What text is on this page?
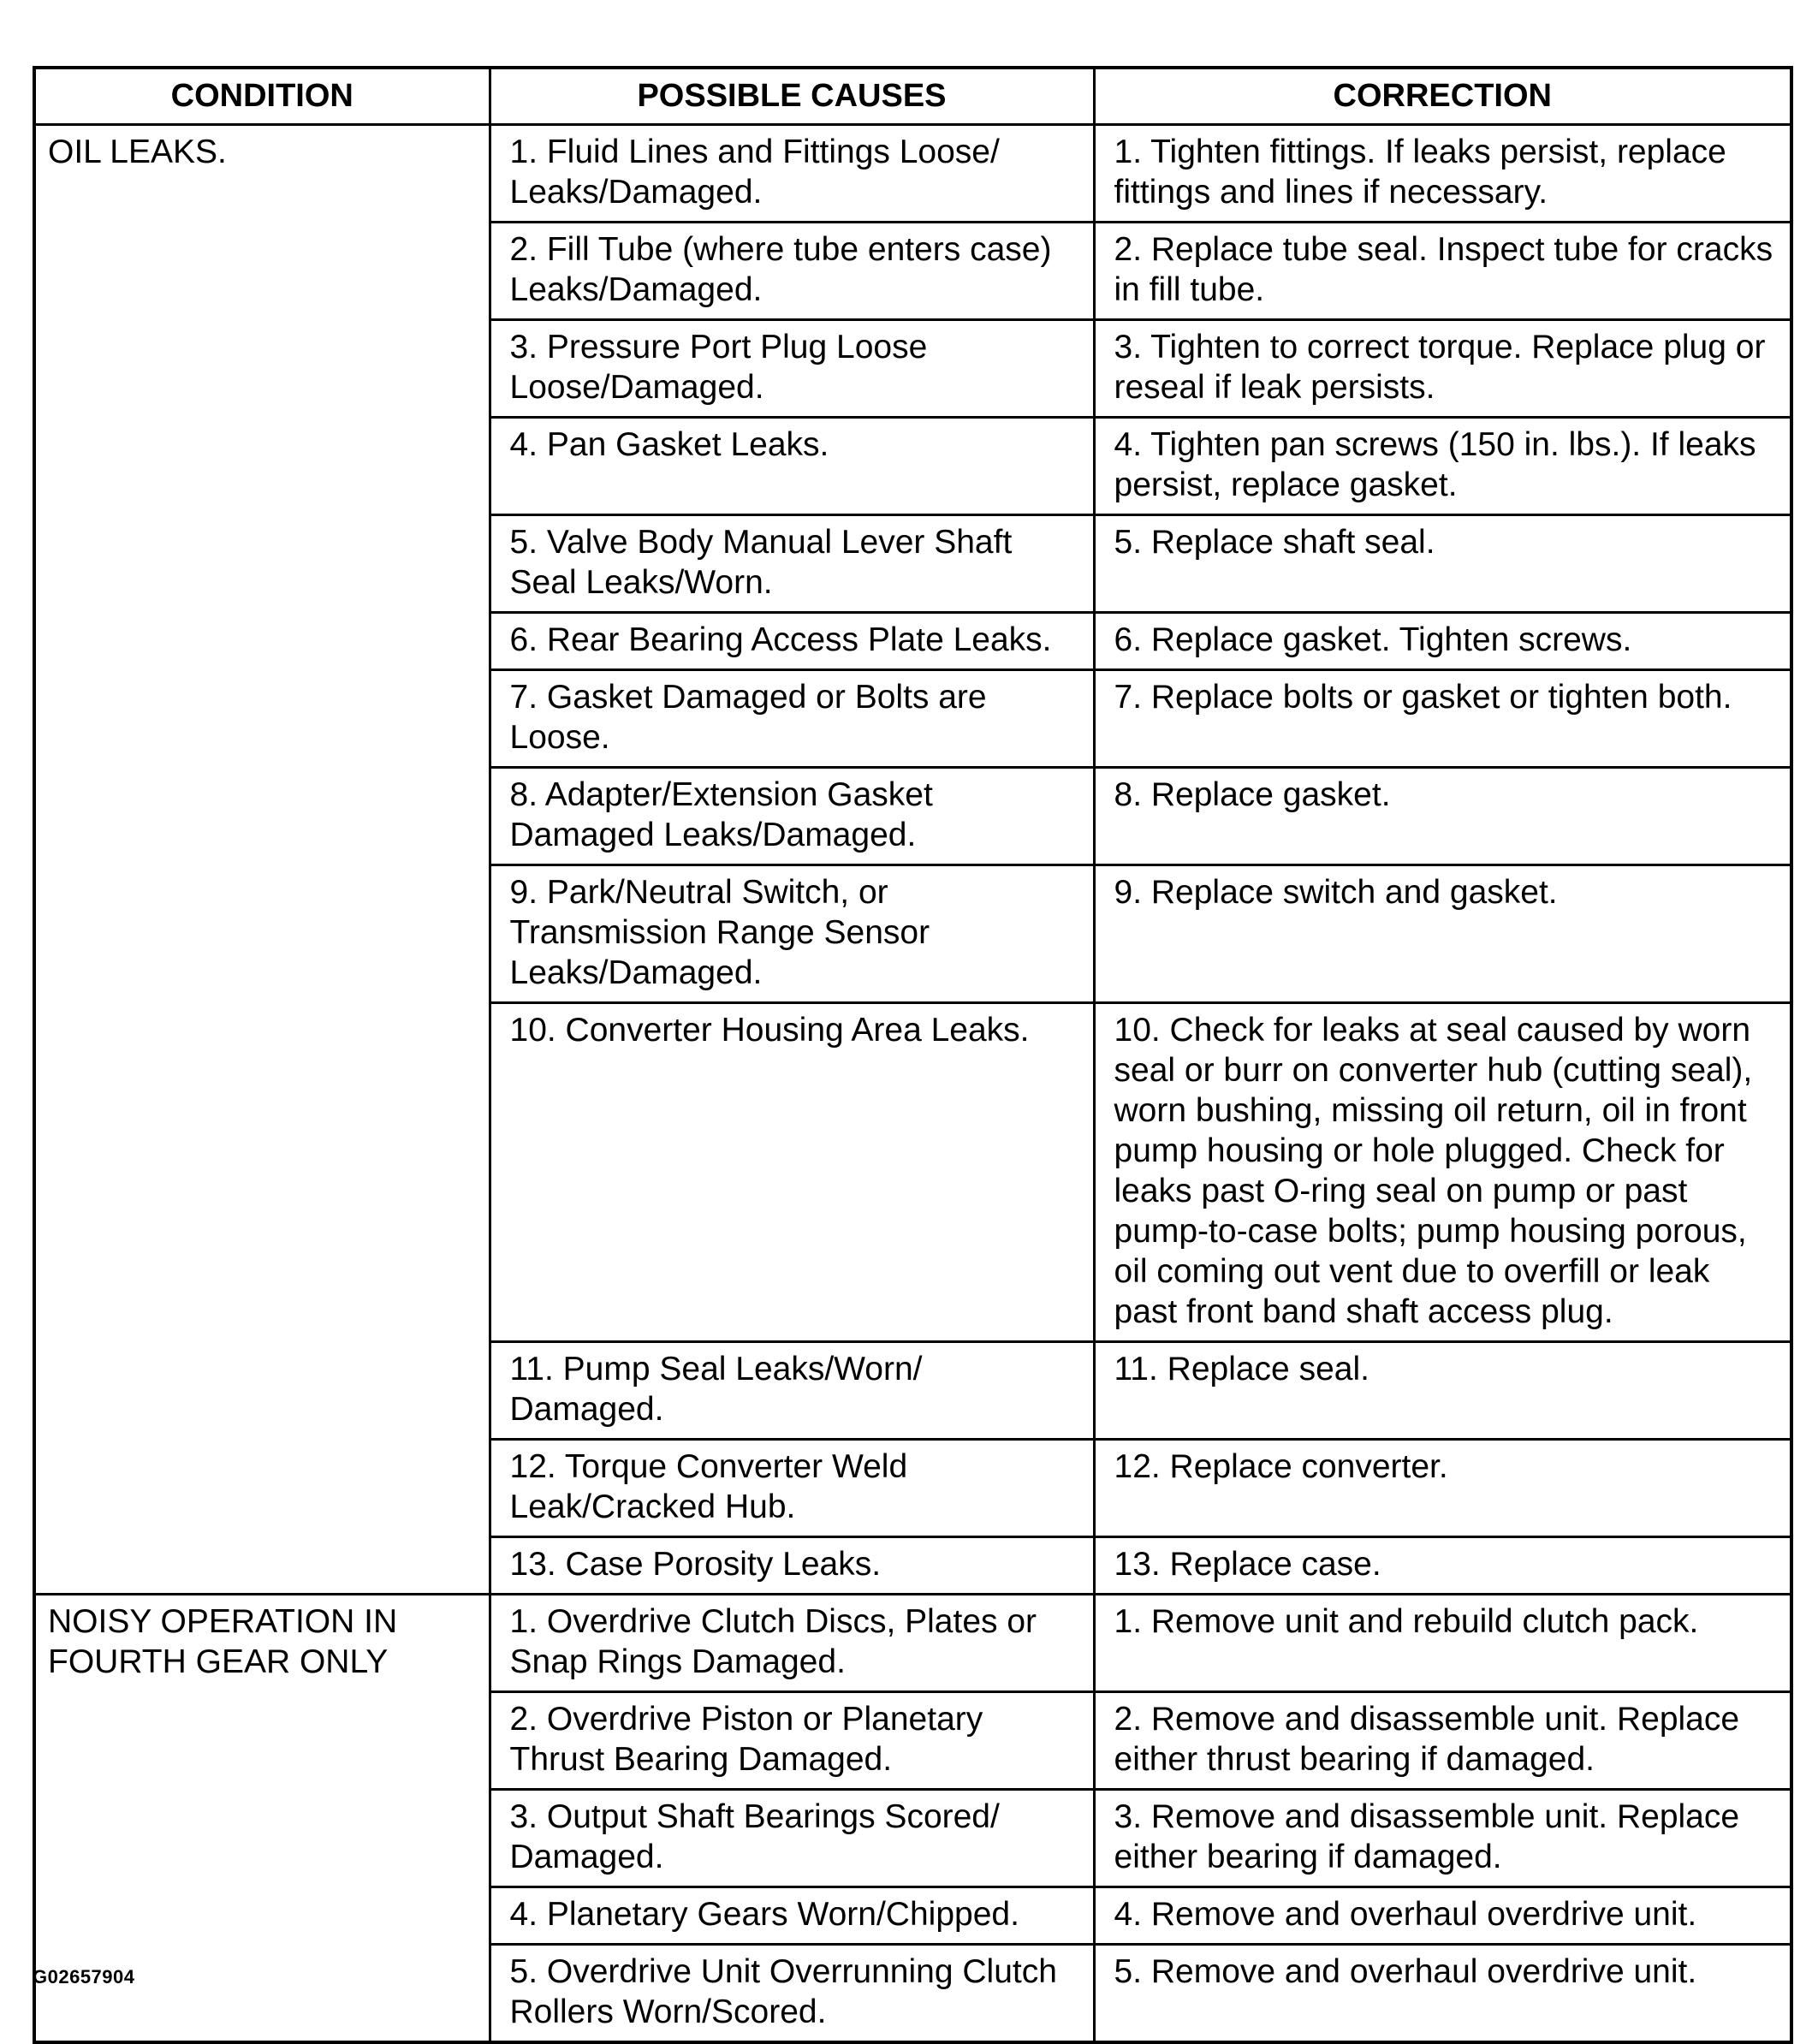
CONDITION	POSSIBLE CAUSES	CORRECTION
OIL LEAKS.	1. Fluid Lines and Fittings Loose/ Leaks/Damaged.	1. Tighten fittings. If leaks persist, replace fittings and lines if necessary.
	2. Fill Tube (where tube enters case) Leaks/Damaged.	2. Replace tube seal. Inspect tube for cracks in fill tube.
	3. Pressure Port Plug Loose Loose/Damaged.	3. Tighten to correct torque. Replace plug or reseal if leak persists.
	4. Pan Gasket Leaks.	4. Tighten pan screws (150 in. lbs.). If leaks persist, replace gasket.
	5. Valve Body Manual Lever Shaft Seal Leaks/Worn.	5. Replace shaft seal.
	6. Rear Bearing Access Plate Leaks.	6. Replace gasket. Tighten screws.
	7. Gasket Damaged or Bolts are Loose.	7. Replace bolts or gasket or tighten both.
	8. Adapter/Extension Gasket Damaged Leaks/Damaged.	8. Replace gasket.
	9. Park/Neutral Switch, or Transmission Range Sensor Leaks/Damaged.	9. Replace switch and gasket.
	10. Converter Housing Area Leaks.	10. Check for leaks at seal caused by worn seal or burr on converter hub (cutting seal), worn bushing, missing oil return, oil in front pump housing or hole plugged. Check for leaks past O-ring seal on pump or past pump-to-case bolts; pump housing porous, oil coming out vent due to overfill or leak past front band shaft access plug.
	11. Pump Seal Leaks/Worn/ Damaged.	11. Replace seal.
	12. Torque Converter Weld Leak/Cracked Hub.	12. Replace converter.
	13. Case Porosity Leaks.	13. Replace case.
NOISY OPERATION IN FOURTH GEAR ONLY	1. Overdrive Clutch Discs, Plates or Snap Rings Damaged.	1. Remove unit and rebuild clutch pack.
	2. Overdrive Piston or Planetary Thrust Bearing Damaged.	2. Remove and disassemble unit. Replace either thrust bearing if damaged.
	3. Output Shaft Bearings Scored/ Damaged.	3. Remove and disassemble unit. Replace either bearing if damaged.
	4. Planetary Gears Worn/Chipped.	4. Remove and overhaul overdrive unit.
	5. Overdrive Unit Overrunning Clutch Rollers Worn/Scored.	5. Remove and overhaul overdrive unit.
G02657904
